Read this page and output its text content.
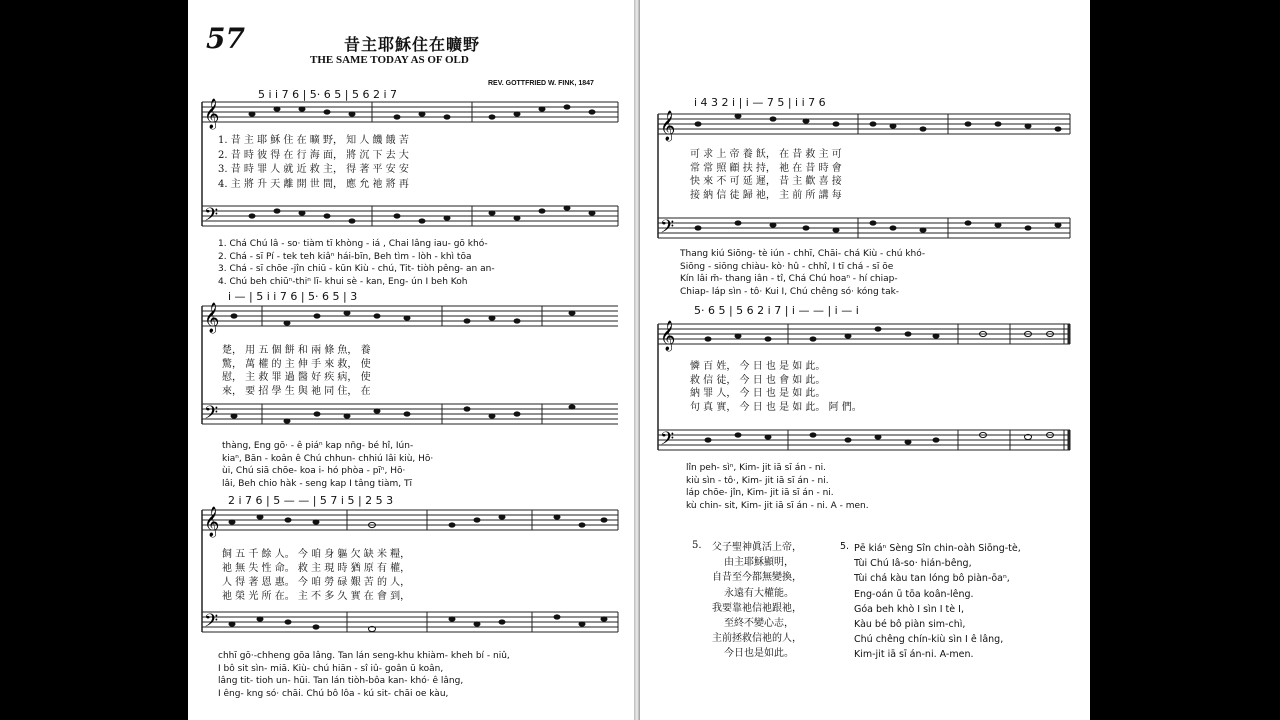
57	昔主耶穌住在曠野
THE SAME TODAY AS OF OLD
REV. GOTTFRIED W. FINK, 1847
5 i i 7 6 | 5· 6 5 | 5 6 2 i 7
𝄞
𝄢
1. 昔 主 耶 穌 住 在 曠 野， 知 人 饑 餓 苦
2. 昔 時 彼 得 在 行 海 面， 將 沉 下 去 大
3. 昔 時 罪 人 就 近 救 主， 得 著 平 安 安
4. 主 將 升 天 離 開 世 間， 應 允 祂 將 再
1. Chá Chú lâ - so· tiàm tī khòng - iá , Chai lâng iau- gō khó-
2. Chá - sī Pí - tek teh kiâⁿ hái-bīn, Beh tìm - lòh - khì tōa
3. Chá - sī chōe -jîn chiū - kūn Kiù - chú, Tit- tiòh pêng- an an-
4. Chú beh chiūⁿ-thiⁿ lī- khui sè - kan, Eng- ún I beh Koh
i — | 5 i i 7 6 | 5· 6 5 | 3
𝄞
𝄢
楚， 用 五 個 餅 和 兩 條 魚， 養
驚， 萬 權 的 主 伸 手 來 救， 使
慰， 主 救 罪 過 醫 好 疾 病， 使
來， 要 招 學 生 與 祂 同 住， 在
thàng, Eng gō· - ê piáⁿ kap nn̄g- bé hî, Iún-
kiaⁿ, Bān - koân ê Chú chhun- chhiú lâi kiù, Hō·
ùi, Chú siā chōe- koa i- hó phòa - pīⁿ, Hō·
lâi, Beh chio hàk - seng kap I tâng tiàm, Tī
2 i 7 6 | 5 — — | 5 7 i 5 | 2 5 3
𝄞
𝄢
飼 五 千 餘 人。 今 咱 身 軀 欠 缺 米 糧，
祂 無 失 性 命。 救 主 現 時 猶 原 有 權，
人 得 著 恩 惠。 今 咱 勞 碌 艱 苦 的 人，
祂 榮 光 所 在。 主 不 多 久 實 在 會 到，
chhī gō·-chheng gōa lâng. Tan lán seng-khu khiàm- kheh bí - niû,
I bô sit sìn- miā. Kiù- chú hiān - sî iû- goân ū koân,
lâng tit- tioh un- hūi. Tan lán tiòh-bôa kan- khó· ê lâng,
I êng- kng só· chāi. Chú bô lôa - kú sit- chāi oe kàu,
i 4 3 2 i | i — 7 5 | i i 7 6
𝄞
𝄢
可 求 上 帝 養 飫， 在 昔 救 主 可
常 常 照 顧 扶 持， 祂 在 昔 時 會
快 來 不 可 延 遲， 昔 主 歡 喜 接
接 納 信 徒 歸 祂， 主 前 所 講 每
Thang kiú Siōng- tè iún - chhī, Chāi- chá Kiù - chú khó-
Siōng - siōng chiàu- kò· hû - chhî, I tī chá - sī ōe
Kín lâi m̄- thang iân - tî, Chá Chú hoaⁿ - hí chiap-
Chiap- láp sìn - tô· Kui I, Chú chêng só· kóng tak-
5· 6 5 | 5 6 2 i 7 | i — — | i — i
𝄞
𝄢
憐 百 姓， 今 日 也 是 如 此。
救 信 徒， 今 日 也 會 如 此。
納 罪 人， 今 日 也 是 如 此。
句 真 實， 今 日 也 是 如 此。 阿 們。
lîn peh- sìⁿ, Kim- jit iā sī án - ni.
kiù sìn - tô·, Kim- jit iā sī án - ni.
láp chōe- jîn, Kim- jit iā sī án - ni.
kù chin- sit, Kim- jit iā sī án - ni. A - men.
5. 父子聖神眞活上帝，
由主耶穌顯明，
自昔至今都無變換，
永遠有大權能。
我要靠祂信祂跟祂，
至終不變心志，
主前拯救信祂的人，
今日也是如此。
5. Pē kiáⁿ Sèng Sîn chin-oàh Siōng-tè,
Tùi Chú Iâ-so· hián-bêng,
Tùi chá kàu tan lóng bô piàn-ōaⁿ,
Eng-oán ū tōa koân-lêng.
Góa beh khò I sìn I tè I,
Kàu bé bô piàn sim-chì,
Chú chêng chín-kiù sìn I ê lâng,
Kim-jit iā sī án-ni. A-men.
